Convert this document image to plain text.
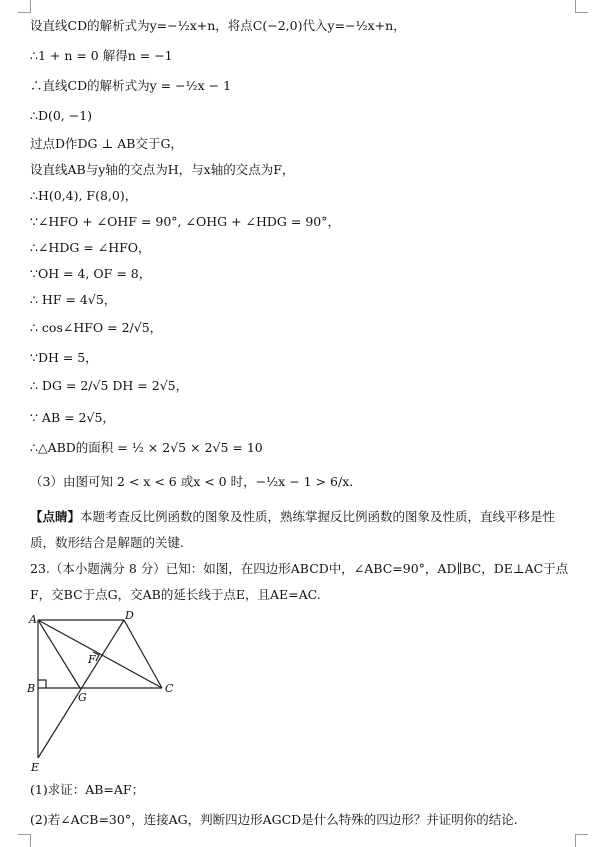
设直线CD的解析式为y=−½x+n，将点C(−2,0)代入y=−½x+n，
∴1 + n = 0 解得n = −1
∴直线CD的解析式为y = −½x − 1
∴D(0, −1)
过点D作DG ⊥ AB交于G，
设直线AB与y轴的交点为H，与x轴的交点为F，
∴H(0,4), F(8,0)，
∵∠HFO + ∠OHF = 90°, ∠OHG + ∠HDG = 90°，
∴∠HDG = ∠HFO，
∵OH = 4, OF = 8，
∴ HF = 4√5，
∴ cos∠HFO = 2/√5，
∵DH = 5，
∴ DG = 2/√5 DH = 2√5，
∵ AB = 2√5，
∴△ABD的面积 = ½ × 2√5 × 2√5 = 10
（3）由图可知 2 < x < 6 或x < 0 时，−½x − 1 > 6/x.
【点睛】本题考查反比例函数的图象及性质，熟练掌握反比例函数的图象及性质，直线平移是性质，数形结合是解题的关键.
23.（本小题满分 8 分）已知：如图，在四边形ABCD中，∠ABC=90°，AD∥BC，DE⊥AC于点F，交BC于点G，交AB的延长线于点E，且AE=AC.
A	D
F
B
G
C
E
(1)求证：AB=AF；
(2)若∠ACB=30°，连接AG，判断四边形AGCD是什么特殊的四边形？并证明你的结论.
